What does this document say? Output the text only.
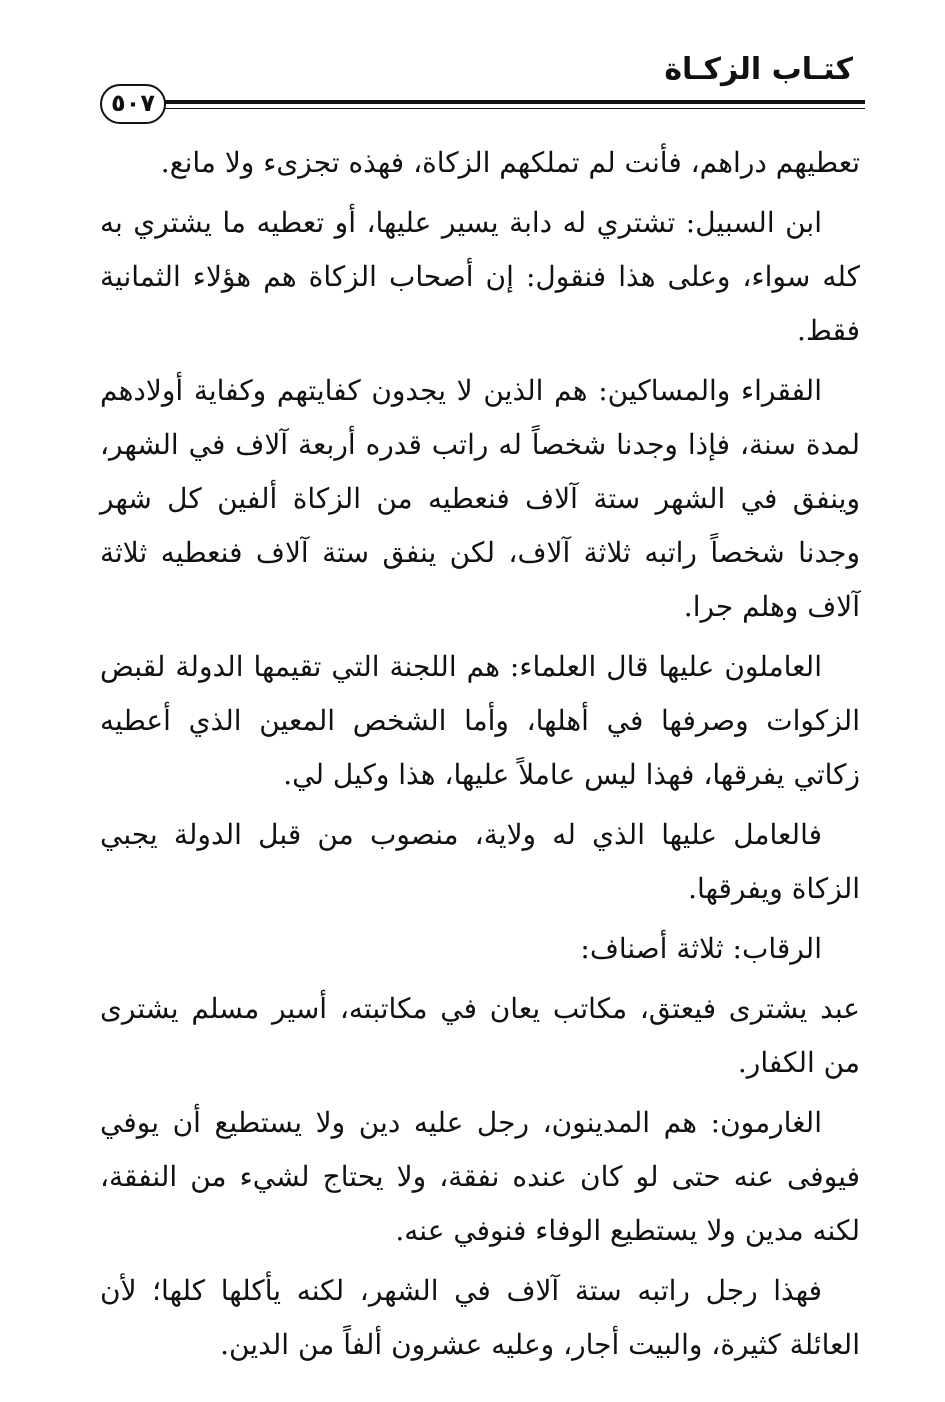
كتـاب الزكـاة
٥٠٧

تعطيهم دراهم، فأنت لم تملكهم الزكاة، فهذه تجزىء ولا مانع.

ابن السبيل: تشتري له دابة يسير عليها، أو تعطيه ما يشتري به كله سواء، وعلى هذا فنقول: إن أصحاب الزكاة هم هؤلاء الثمانية فقط.

الفقراء والمساكين: هم الذين لا يجدون كفايتهم وكفاية أولادهم لمدة سنة، فإذا وجدنا شخصاً له راتب قدره أربعة آلاف في الشهر، وينفق في الشهر ستة آلاف فنعطيه من الزكاة ألفين كل شهر وجدنا شخصاً راتبه ثلاثة آلاف، لكن ينفق ستة آلاف فنعطيه ثلاثة آلاف وهلم جرا.

العاملون عليها قال العلماء: هم اللجنة التي تقيمها الدولة لقبض الزكوات وصرفها في أهلها، وأما الشخص المعين الذي أعطيه زكاتي يفرقها، فهذا ليس عاملاً عليها، هذا وكيل لي.

فالعامل عليها الذي له ولاية، منصوب من قبل الدولة يجبي الزكاة ويفرقها.

الرقاب: ثلاثة أصناف:

عبد يشترى فيعتق، مكاتب يعان في مكاتبته، أسير مسلم يشترى من الكفار.

الغارمون: هم المدينون، رجل عليه دين ولا يستطيع أن يوفي فيوفى عنه حتى لو كان عنده نفقة، ولا يحتاج لشيء من النفقة، لكنه مدين ولا يستطيع الوفاء فنوفي عنه.

فهذا رجل راتبه ستة آلاف في الشهر، لكنه يأكلها كلها؛ لأن العائلة كثيرة، والبيت أجار، وعليه عشرون ألفاً من الدين.
